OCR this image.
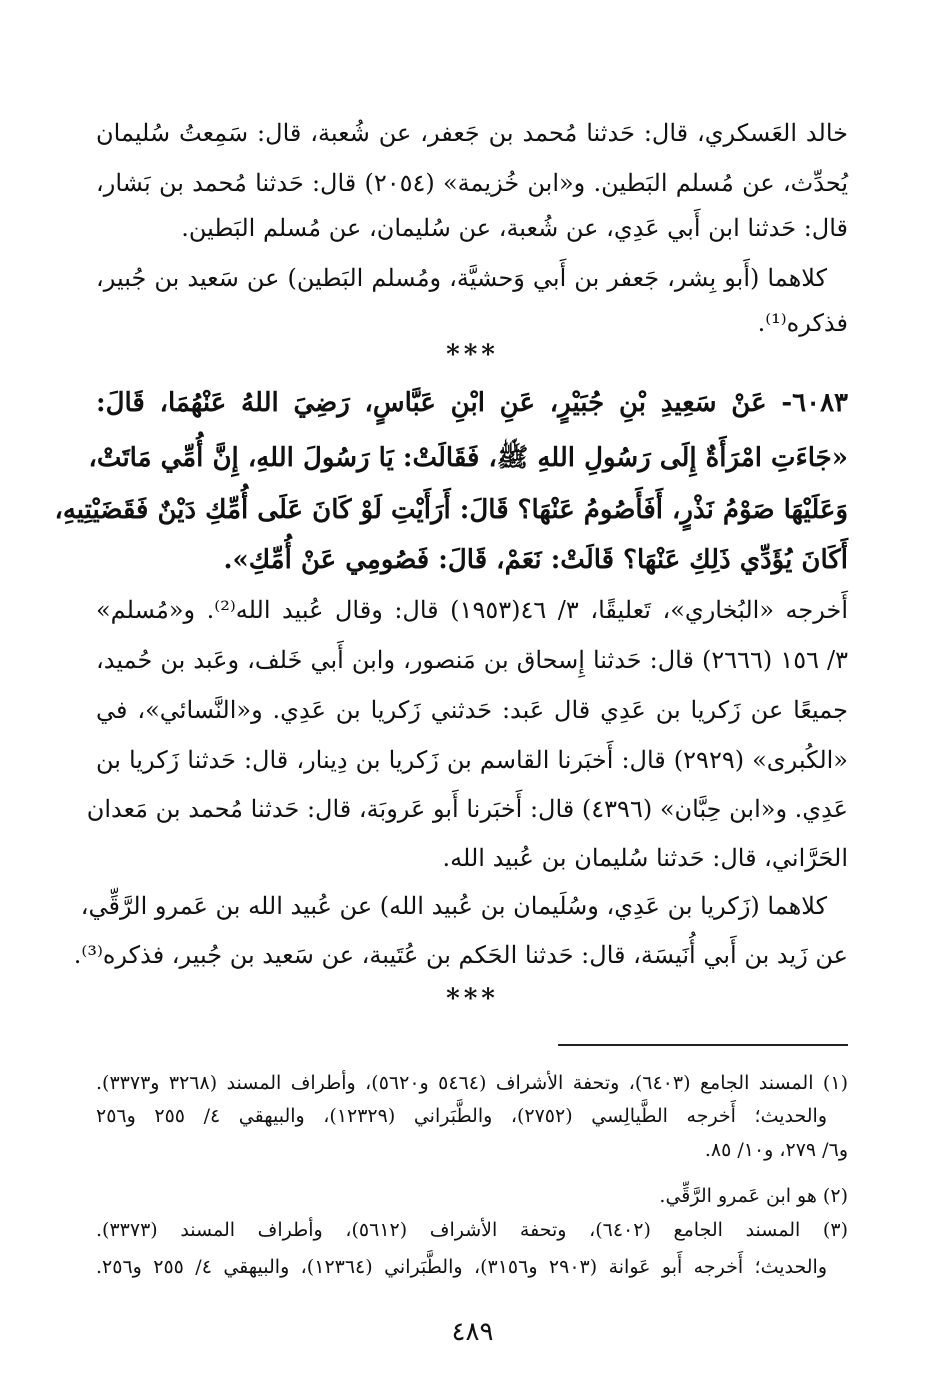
خالد العَسكري، قال: حَدثنا مُحمد بن جَعفر، عن شُعبة، قال: سَمِعتُ سُليمان
يُحدِّث، عن مُسلم البَطين. و«ابن خُزيمة» (٢٠٥٤) قال: حَدثنا مُحمد بن بَشار،
قال: حَدثنا ابن أَبي عَدِي، عن شُعبة، عن سُليمان، عن مُسلم البَطين.
كلاهما (أَبو بِشر، جَعفر بن أَبي وَحشيَّة، ومُسلم البَطين) عن سَعيد بن جُبير،
فذكره⁽¹⁾.
***
٦٠٨٣- عَنْ سَعِيدِ بْنِ جُبَيْرٍ، عَنِ ابْنِ عَبَّاسٍ، رَضِيَ اللهُ عَنْهُمَا، قَالَ:
«جَاءَتِ امْرَأَةٌ إِلَى رَسُولِ اللهِ ﷺ، فَقَالَتْ: يَا رَسُولَ اللهِ، إِنَّ أُمِّي مَاتَتْ،
وَعَلَيْهَا صَوْمُ نَذْرٍ، أَفَأَصُومُ عَنْهَا؟ قَالَ: أَرَأَيْتِ لَوْ كَانَ عَلَى أُمِّكِ دَيْنٌ فَقَضَيْتِيهِ،
أَكَانَ يُؤَدِّي ذَلِكِ عَنْهَا؟ قَالَتْ: نَعَمْ، قَالَ: فَصُومِي عَنْ أُمِّكِ».
أَخرجه «البُخاري»، تَعليقًا، ٣/ ٤٦(١٩٥٣) قال: وقال عُبيد الله⁽²⁾. و«مُسلم»
٣/ ١٥٦ (٢٦٦٦) قال: حَدثنا إِسحاق بن مَنصور، وابن أَبي خَلف، وعَبد بن حُميد،
جميعًا عن زَكريا بن عَدِي قال عَبد: حَدثني زَكريا بن عَدِي. و«النَّسائي»، في
«الكُبرى» (٢٩٢٩) قال: أَخبَرنا القاسم بن زَكريا بن دِينار، قال: حَدثنا زَكريا بن
عَدِي. و«ابن حِبَّان» (٤٣٩٦) قال: أَخبَرنا أَبو عَروبَة، قال: حَدثنا مُحمد بن مَعدان
الحَرَّاني، قال: حَدثنا سُليمان بن عُبيد الله.
كلاهما (زَكريا بن عَدِي، وسُلَيمان بن عُبيد الله) عن عُبيد الله بن عَمرو الرَّقِّي،
عن زَيد بن أَبي أُنَيسَة، قال: حَدثنا الحَكم بن عُتَيبة، عن سَعيد بن جُبير، فذكره⁽³⁾.
***
(١) المسند الجامع (٦٤٠٣)، وتحفة الأشراف (٥٤٦٤ و٥٦٢٠)، وأطراف المسند (٣٢٦٨ و٣٣٧٣).
والحديث؛ أَخرجه الطَّيالِسي (٢٧٥٢)، والطَّبَراني (١٢٣٢٩)، والبيهقي ٤/ ٢٥٥ و٢٥٦
و٦/ ٢٧٩، و١٠/ ٨٥.
(٢) هو ابن عَمرو الرَّقِّي.
(٣) المسند الجامع (٦٤٠٢)، وتحفة الأشراف (٥٦١٢)، وأطراف المسند (٣٣٧٣).
والحديث؛ أَخرجه أَبو عَوانة (٢٩٠٣ و٣١٥٦)، والطَّبَراني (١٢٣٦٤)، والبيهقي ٤/ ٢٥٥ و٢٥٦.
٤٨٩
